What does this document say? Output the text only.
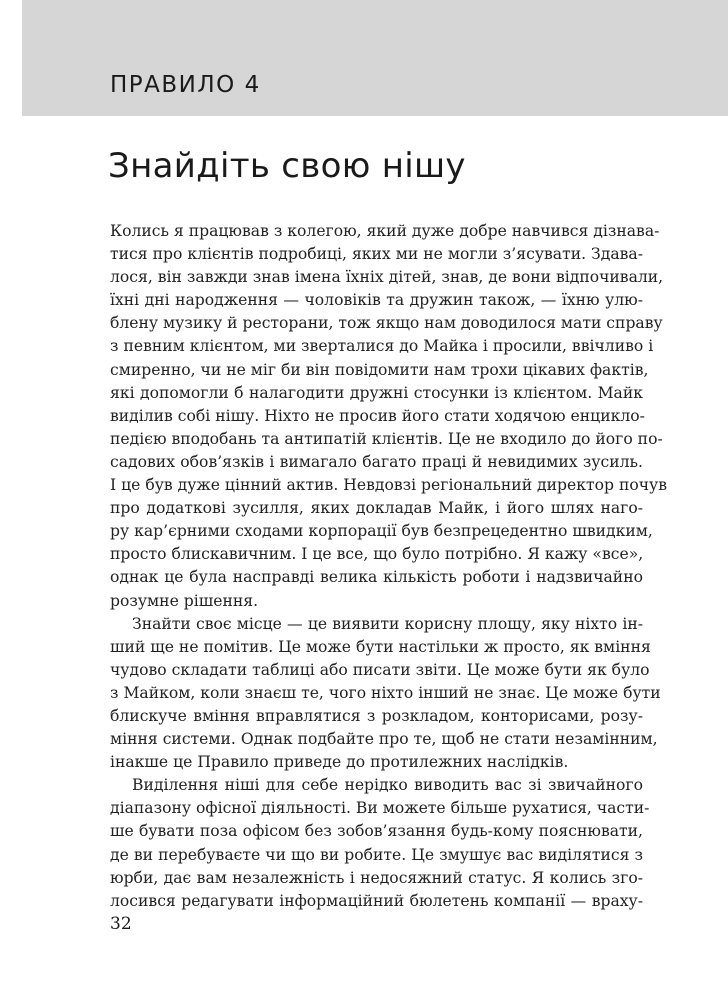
ПРАВИЛО 4
Знайдіть свою нішу

Колись я працював з колегою, який дуже добре навчився дізнава-
тися про клієнтів подробиці, яких ми не могли з’ясувати. Здава-
лося, він завжди знав імена їхніх дітей, знав, де вони відпочивали,
їхні дні народження — чоловіків та дружин також, — їхню улю-
блену музику й ресторани, тож якщо нам доводилося мати справу
з певним клієнтом, ми зверталися до Майка і просили, ввічливо і
смиренно, чи не міг би він повідомити нам трохи цікавих фактів,
які допомогли б налагодити дружні стосунки із клієнтом. Майк
виділив собі нішу. Ніхто не просив його стати ходячою енцикло-
педією вподобань та антипатій клієнтів. Це не входило до його по-
садових обов’язків і вимагало багато праці й невидимих зусиль.
І це був дуже цінний актив. Невдовзі регіональний директор почув
про додаткові зусилля, яких докладав Майк, і його шлях наго-
ру кар’єрними сходами корпорації був безпрецедентно швидким,
просто блискавичним. І це все, що було потрібно. Я кажу «все»,
однак це була насправді велика кількість роботи і надзвичайно
розумне рішення.

Знайти своє місце — це виявити корисну площу, яку ніхто ін-
ший ще не помітив. Це може бути настільки ж просто, як вміння
чудово складати таблиці або писати звіти. Це може бути як було
з Майком, коли знаєш те, чого ніхто інший не знає. Це може бути
блискуче вміння вправлятися з розкладом, конторисами, розу-
міння системи. Однак подбайте про те, щоб не стати незамінним,
інакше це Правило приведе до протилежних наслідків.

Виділення ніші для себе нерідко виводить вас зі звичайного
діапазону офісної діяльності. Ви можете більше рухатися, части-
ше бувати поза офісом без зобов’язання будь-кому пояснювати,
де ви перебуваєте чи що ви робите. Це змушує вас виділятися з
юрби, дає вам незалежність і недосяжний статус. Я колись зго-
лосився редагувати інформаційний бюлетень компанії — враху-

32
